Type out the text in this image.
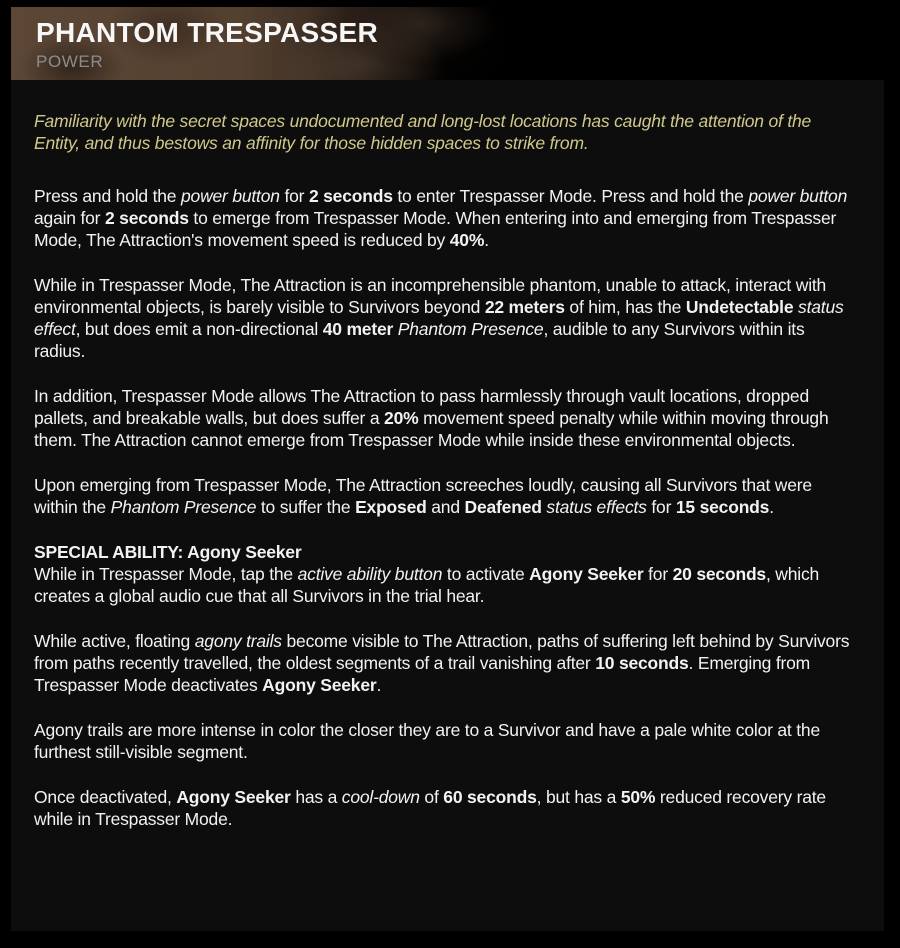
PHANTOM TRESPASSER
POWER

Familiarity with the secret spaces undocumented and long-lost locations has caught the attention of the Entity, and thus bestows an affinity for those hidden spaces to strike from.

Press and hold the power button for 2 seconds to enter Trespasser Mode. Press and hold the power button again for 2 seconds to emerge from Trespasser Mode. When entering into and emerging from Trespasser Mode, The Attraction's movement speed is reduced by 40%.

While in Trespasser Mode, The Attraction is an incomprehensible phantom, unable to attack, interact with environmental objects, is barely visible to Survivors beyond 22 meters of him, has the Undetectable status effect, but does emit a non-directional 40 meter Phantom Presence, audible to any Survivors within its radius.

In addition, Trespasser Mode allows The Attraction to pass harmlessly through vault locations, dropped pallets, and breakable walls, but does suffer a 20% movement speed penalty while within moving through them. The Attraction cannot emerge from Trespasser Mode while inside these environmental objects.

Upon emerging from Trespasser Mode, The Attraction screeches loudly, causing all Survivors that were within the Phantom Presence to suffer the Exposed and Deafened status effects for 15 seconds.

SPECIAL ABILITY: Agony Seeker
While in Trespasser Mode, tap the active ability button to activate Agony Seeker for 20 seconds, which creates a global audio cue that all Survivors in the trial hear.

While active, floating agony trails become visible to The Attraction, paths of suffering left behind by Survivors from paths recently travelled, the oldest segments of a trail vanishing after 10 seconds. Emerging from Trespasser Mode deactivates Agony Seeker.

Agony trails are more intense in color the closer they are to a Survivor and have a pale white color at the furthest still-visible segment.

Once deactivated, Agony Seeker has a cool-down of 60 seconds, but has a 50% reduced recovery rate while in Trespasser Mode.
